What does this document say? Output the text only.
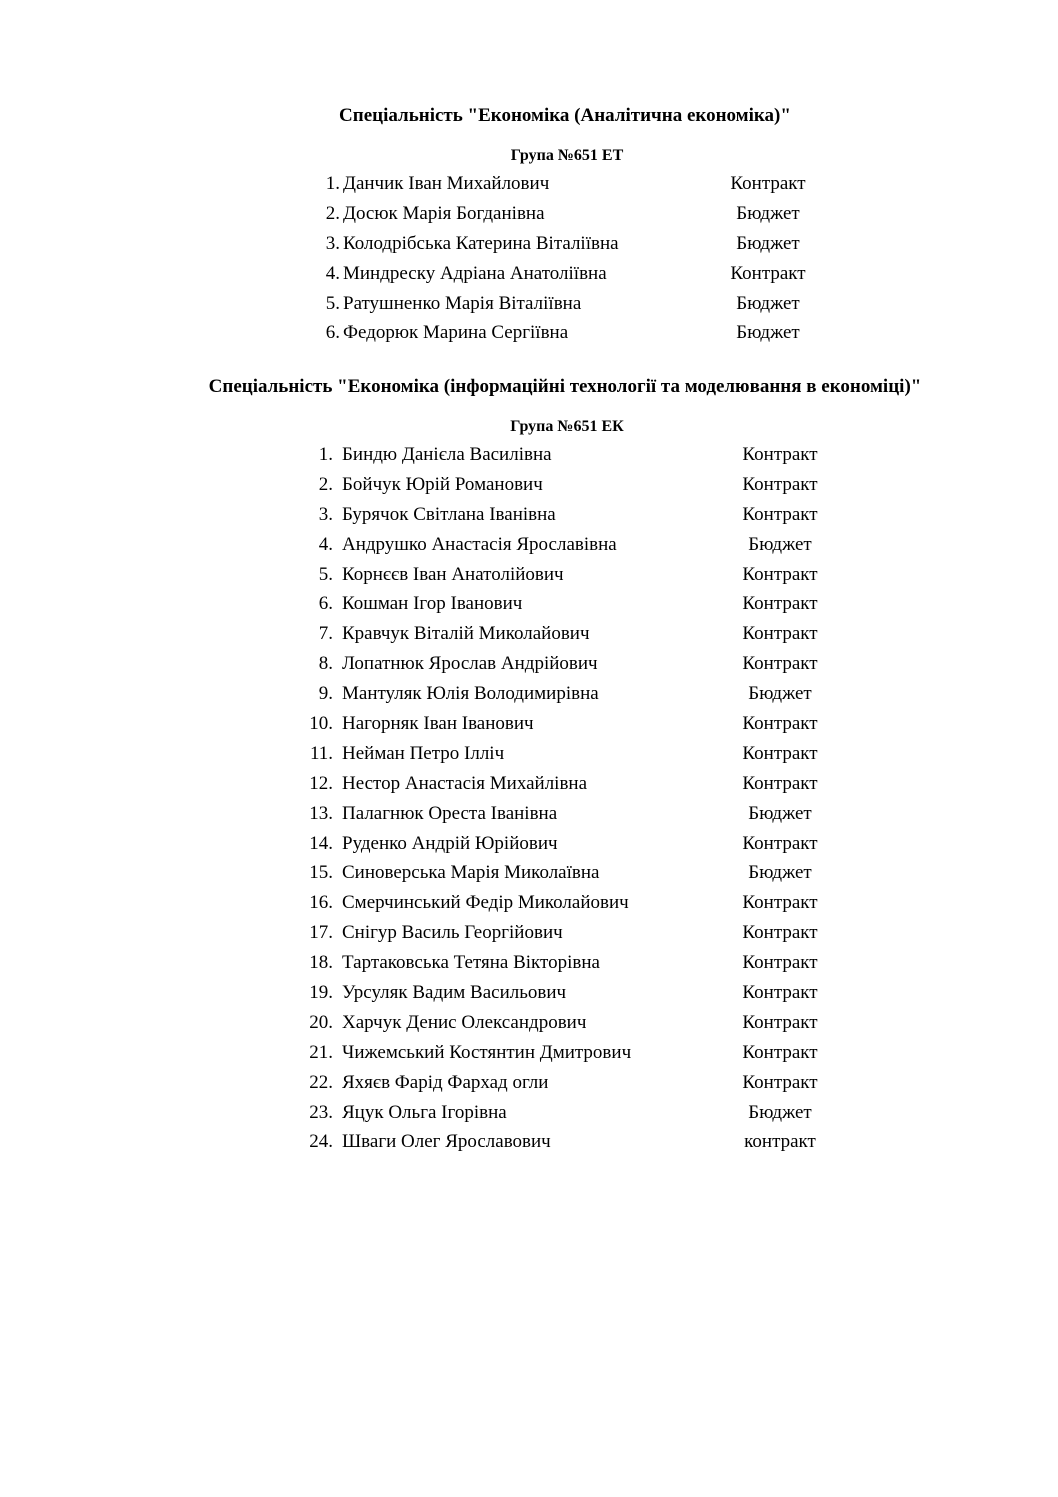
Спеціальність "Економіка (Аналітична економіка)"
Група №651 ЕТ
1. Данчик Іван Михайлович	Контракт
2. Досюк Марія Богданівна	Бюджет
3. Колодрібська Катерина Віталіївна	Бюджет
4. Миндреску Адріана Анатоліївна	Контракт
5. Ратушненко Марія Віталіївна	Бюджет
6. Федорюк Марина Сергіївна	Бюджет
Спеціальність "Економіка (інформаційні технології та моделювання в економіці)"
Група №651 ЕК
1. Биндю Данієла Василівна	Контракт
2. Бойчук Юрій Романович	Контракт
3. Бурячок Світлана Іванівна	Контракт
4. Андрушко Анастасія Ярославівна	Бюджет
5. Корнєєв Іван Анатолійович	Контракт
6. Кошман Ігор Іванович	Контракт
7. Кравчук Віталій Миколайович	Контракт
8. Лопатнюк Ярослав Андрійович	Контракт
9. Мантуляк Юлія Володимирівна	Бюджет
10. Нагорняк Іван Іванович	Контракт
11. Нейман Петро Ілліч	Контракт
12. Нестор Анастасія Михайлівна	Контракт
13. Палагнюк Ореста Іванівна	Бюджет
14. Руденко Андрій Юрійович	Контракт
15. Синоверська Марія Миколаївна	Бюджет
16. Смерчинський Федір Миколайович	Контракт
17. Снігур Василь Георгійович	Контракт
18. Тартаковська Тетяна Вікторівна	Контракт
19. Урсуляк Вадим Васильович	Контракт
20. Харчук Денис Олександрович	Контракт
21. Чижемський Костянтин Дмитрович	Контракт
22. Яхяєв Фарід Фархад огли	Контракт
23. Яцук Ольга Ігорівна	Бюджет
24. Шваги Олег Ярославович	контракт
